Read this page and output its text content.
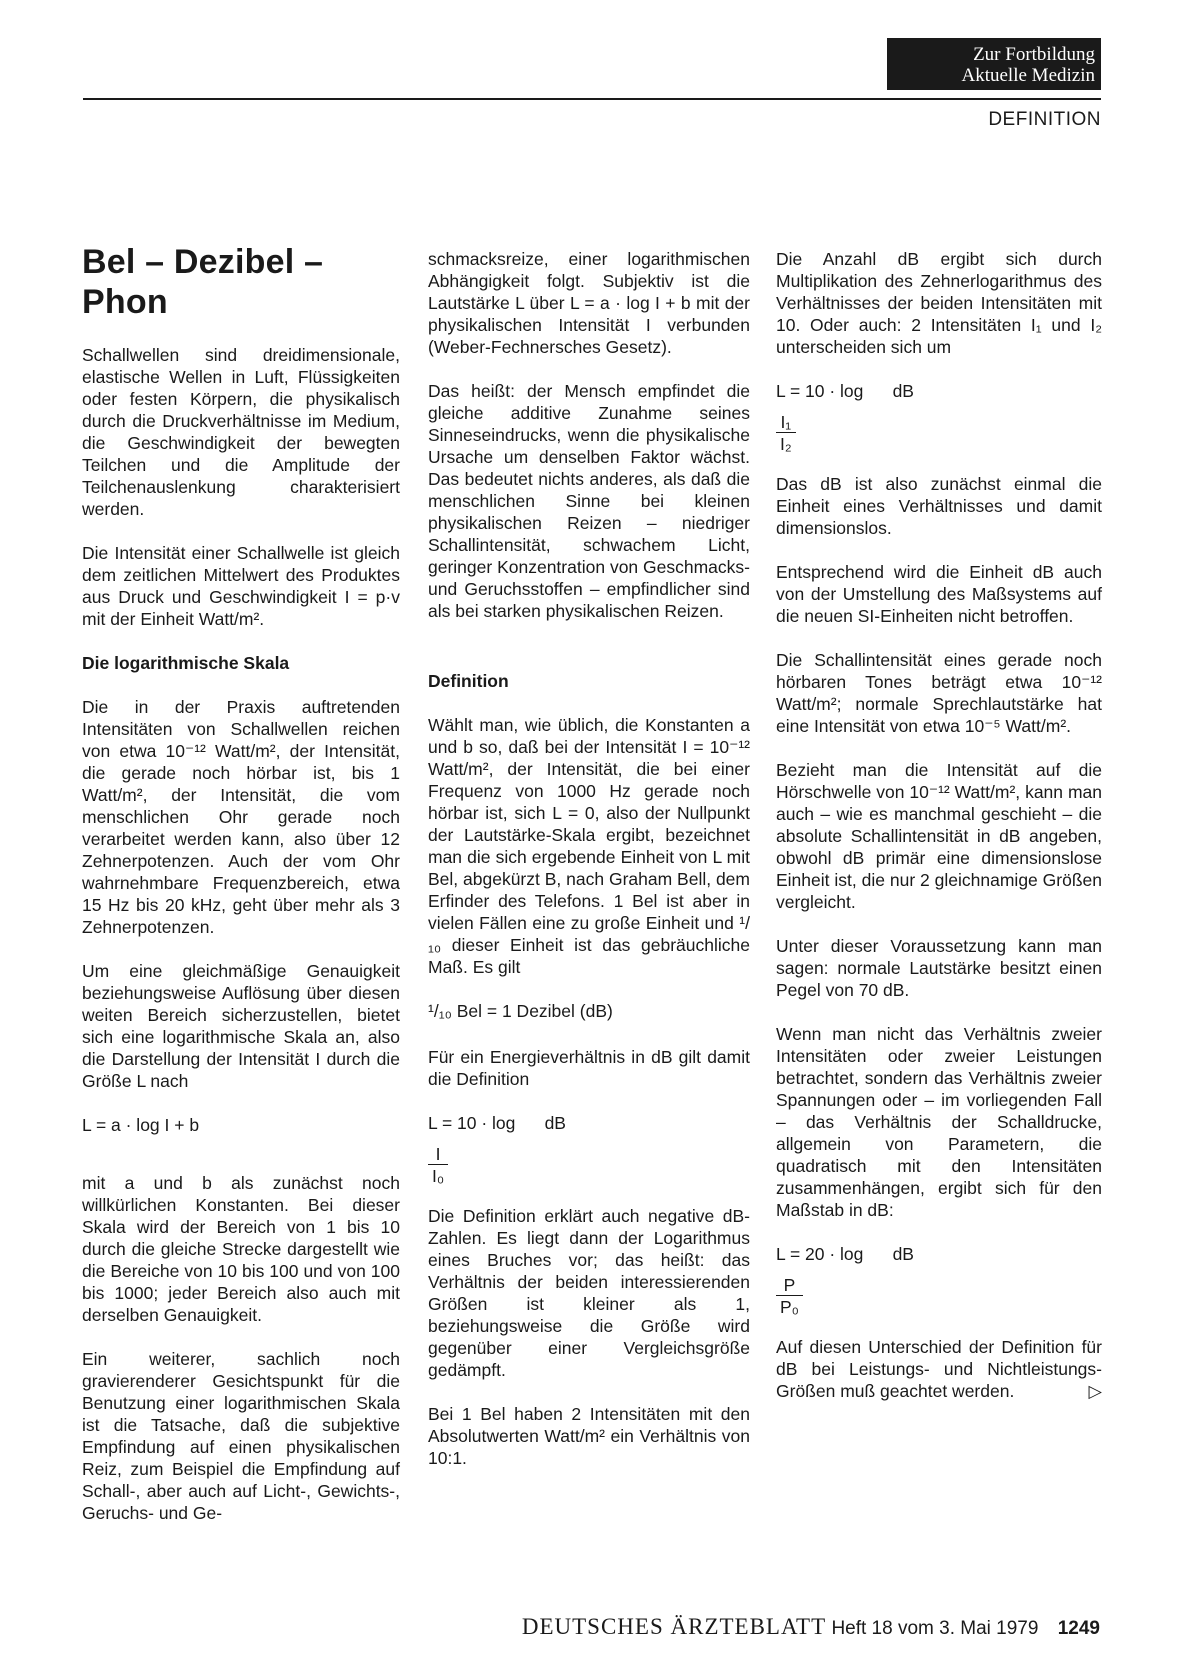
Zur Fortbildung
Aktuelle Medizin
DEFINITION
Bel – Dezibel – Phon

Schallwellen sind dreidimensionale, elastische Wellen in Luft, Flüssigkeiten oder festen Körpern, die physikalisch durch die Druckverhältnisse im Medium, die Geschwindigkeit der bewegten Teilchen und die Amplitude der Teilchenauslenkung charakterisiert werden.

Die Intensität einer Schallwelle ist gleich dem zeitlichen Mittelwert des Produktes aus Druck und Geschwindigkeit I = p·v mit der Einheit Watt/m².

Die logarithmische Skala

Die in der Praxis auftretenden Intensitäten von Schallwellen reichen von etwa 10⁻¹² Watt/m², der Intensität, die gerade noch hörbar ist, bis 1 Watt/m², der Intensität, die vom menschlichen Ohr gerade noch verarbeitet werden kann, also über 12 Zehnerpotenzen. Auch der vom Ohr wahrnehmbare Frequenzbereich, etwa 15 Hz bis 20 kHz, geht über mehr als 3 Zehnerpotenzen.

Um eine gleichmäßige Genauigkeit beziehungsweise Auflösung über diesen weiten Bereich sicherzustellen, bietet sich eine logarithmische Skala an, also die Darstellung der Intensität I durch die Größe L nach

L = a · log I + b

mit a und b als zunächst noch willkürlichen Konstanten. Bei dieser Skala wird der Bereich von 1 bis 10 durch die gleiche Strecke dargestellt wie die Bereiche von 10 bis 100 und von 100 bis 1000; jeder Bereich also auch mit derselben Genauigkeit.

Ein weiterer, sachlich noch gravierenderer Gesichtspunkt für die Benutzung einer logarithmischen Skala ist die Tatsache, daß die subjektive Empfindung auf einen physikalischen Reiz, zum Beispiel die Empfindung auf Schall-, aber auch auf Licht-, Gewichts-, Geruchs- und Ge-

schmacksreize, einer logarithmischen Abhängigkeit folgt. Subjektiv ist die Lautstärke L über L = a · log I + b mit der physikalischen Intensität I verbunden (Weber-Fechnersches Gesetz).

Das heißt: der Mensch empfindet die gleiche additive Zunahme seines Sinneseindrucks, wenn die physikalische Ursache um denselben Faktor wächst. Das bedeutet nichts anderes, als daß die menschlichen Sinne bei kleinen physikalischen Reizen – niedriger Schallintensität, schwachem Licht, geringer Konzentration von Geschmacks- und Geruchsstoffen – empfindlicher sind als bei starken physikalischen Reizen.

Definition

Wählt man, wie üblich, die Konstanten a und b so, daß bei der Intensität I = 10⁻¹² Watt/m², der Intensität, die bei einer Frequenz von 1000 Hz gerade noch hörbar ist, sich L = 0, also der Nullpunkt der Lautstärke-Skala ergibt, bezeichnet man die sich ergebende Einheit von L mit Bel, abgekürzt B, nach Graham Bell, dem Erfinder des Telefons. 1 Bel ist aber in vielen Fällen eine zu große Einheit und ¹/₁₀ dieser Einheit ist das gebräuchliche Maß. Es gilt

¹/₁₀ Bel = 1 Dezibel (dB)

Für ein Energieverhältnis in dB gilt damit die Definition

L = 10 · log      dB
$\frac{I}{\text{I₀}}$

Die Definition erklärt auch negative dB-Zahlen. Es liegt dann der Logarithmus eines Bruches vor; das heißt: das Verhältnis der beiden interessierenden Größen ist kleiner als 1, beziehungsweise die Größe wird gegenüber einer Vergleichsgröße gedämpft.

Bei 1 Bel haben 2 Intensitäten mit den Absolutwerten Watt/m² ein Verhältnis von 10:1.

Die Anzahl dB ergibt sich durch Multiplikation des Zehnerlogarithmus des Verhältnisses der beiden Intensitäten mit 10. Oder auch: 2 Intensitäten I₁ und I₂ unterscheiden sich um

L = 10 · log      dB
$\frac{\text{I₁}}{\text{I₂}}$

Das dB ist also zunächst einmal die Einheit eines Verhältnisses und damit dimensionslos.

Entsprechend wird die Einheit dB auch von der Umstellung des Maßsystems auf die neuen SI-Einheiten nicht betroffen.

Die Schallintensität eines gerade noch hörbaren Tones beträgt etwa 10⁻¹² Watt/m²; normale Sprechlautstärke hat eine Intensität von etwa 10⁻⁵ Watt/m².

Bezieht man die Intensität auf die Hörschwelle von 10⁻¹² Watt/m², kann man auch – wie es manchmal geschieht – die absolute Schallintensität in dB angeben, obwohl dB primär eine dimensionslose Einheit ist, die nur 2 gleichnamige Größen vergleicht.

Unter dieser Voraussetzung kann man sagen: normale Lautstärke besitzt einen Pegel von 70 dB.

Wenn man nicht das Verhältnis zweier Intensitäten oder zweier Leistungen betrachtet, sondern das Verhältnis zweier Spannungen oder – im vorliegenden Fall – das Verhältnis der Schalldrucke, allgemein von Parametern, die quadratisch mit den Intensitäten zusammenhängen, ergibt sich für den Maßstab in dB:

L = 20 · log      dB
$\frac{P}{\text{P₀}}$

Auf diesen Unterschied der Definition für dB bei Leistungs- und Nichtleistungs-Größen muß geachtet werden.	▷
DEUTSCHES ÄRZTEBLATT Heft 18 vom 3. Mai 1979 1249
